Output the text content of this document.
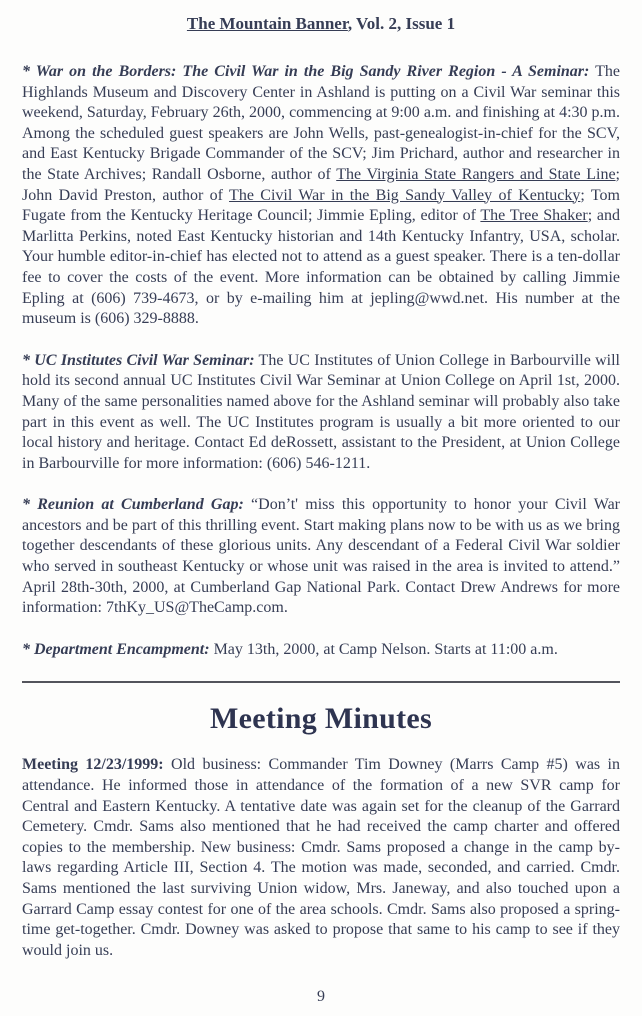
The Mountain Banner, Vol. 2, Issue 1

* War on the Borders: The Civil War in the Big Sandy River Region - A Seminar: The Highlands Museum and Discovery Center in Ashland is putting on a Civil War seminar this weekend, Saturday, February 26th, 2000, commencing at 9:00 a.m. and finishing at 4:30 p.m. Among the scheduled guest speakers are John Wells, past-genealogist-in-chief for the SCV, and East Kentucky Brigade Commander of the SCV; Jim Prichard, author and researcher in the State Archives; Randall Osborne, author of The Virginia State Rangers and State Line; John David Preston, author of The Civil War in the Big Sandy Valley of Kentucky; Tom Fugate from the Kentucky Heritage Council; Jimmie Epling, editor of The Tree Shaker; and Marlitta Perkins, noted East Kentucky historian and 14th Kentucky Infantry, USA, scholar. Your humble editor-in-chief has elected not to attend as a guest speaker. There is a ten-dollar fee to cover the costs of the event. More information can be obtained by calling Jimmie Epling at (606) 739-4673, or by e-mailing him at jepling@wwd.net. His number at the museum is (606) 329-8888.

* UC Institutes Civil War Seminar: The UC Institutes of Union College in Barbourville will hold its second annual UC Institutes Civil War Seminar at Union College on April 1st, 2000. Many of the same personalities named above for the Ashland seminar will probably also take part in this event as well. The UC Institutes program is usually a bit more oriented to our local history and heritage. Contact Ed deRossett, assistant to the President, at Union College in Barbourville for more information: (606) 546-1211.

* Reunion at Cumberland Gap: “Don’t' miss this opportunity to honor your Civil War ancestors and be part of this thrilling event. Start making plans now to be with us as we bring together descendants of these glorious units. Any descendant of a Federal Civil War soldier who served in southeast Kentucky or whose unit was raised in the area is invited to attend.” April 28th-30th, 2000, at Cumberland Gap National Park. Contact Drew Andrews for more information: 7thKy_US@TheCamp.com.

* Department Encampment: May 13th, 2000, at Camp Nelson. Starts at 11:00 a.m.

Meeting Minutes

Meeting 12/23/1999: Old business: Commander Tim Downey (Marrs Camp #5) was in attendance. He informed those in attendance of the formation of a new SVR camp for Central and Eastern Kentucky. A tentative date was again set for the cleanup of the Garrard Cemetery. Cmdr. Sams also mentioned that he had received the camp charter and offered copies to the membership. New business: Cmdr. Sams proposed a change in the camp by-laws regarding Article III, Section 4. The motion was made, seconded, and carried. Cmdr. Sams mentioned the last surviving Union widow, Mrs. Janeway, and also touched upon a Garrard Camp essay contest for one of the area schools. Cmdr. Sams also proposed a spring-time get-together. Cmdr. Downey was asked to propose that same to his camp to see if they would join us.

9
